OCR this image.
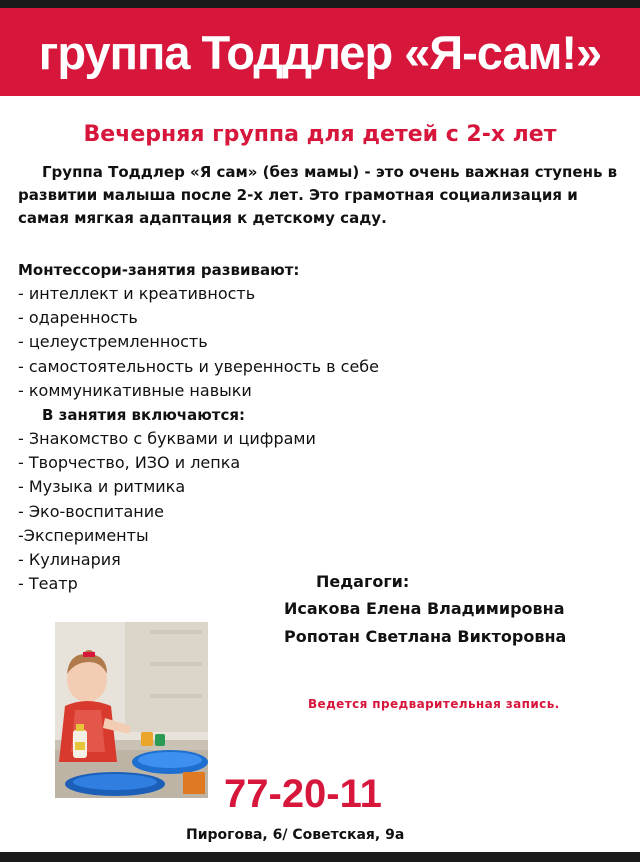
группа Тоддлер «Я-сам!»
Вечерняя группа для детей с 2-х лет

Группа Тоддлер «Я сам» (без мамы) - это очень важная ступень в развитии малыша после 2-х лет. Это грамотная социализация и самая мягкая адаптация к детскому саду.

Монтессори-занятия развивают:

- интеллект и креативность
- одаренность
- целеустремленность
- самостоятельность и уверенность в себе
- коммуникативные навыки

В занятия включаются:

- Знакомство с буквами и цифрами
- Творчество, ИЗО и лепка
- Музыка и ритмика
- Эко-воспитание
-Эксперименты
- Кулинария
- Театр	Педагоги:
Исакова Елена Владимировна
Ропотан Светлана Викторовна
Ведется предварительная запись.
77-20-11
Пирогова, 6/ Советская, 9а
